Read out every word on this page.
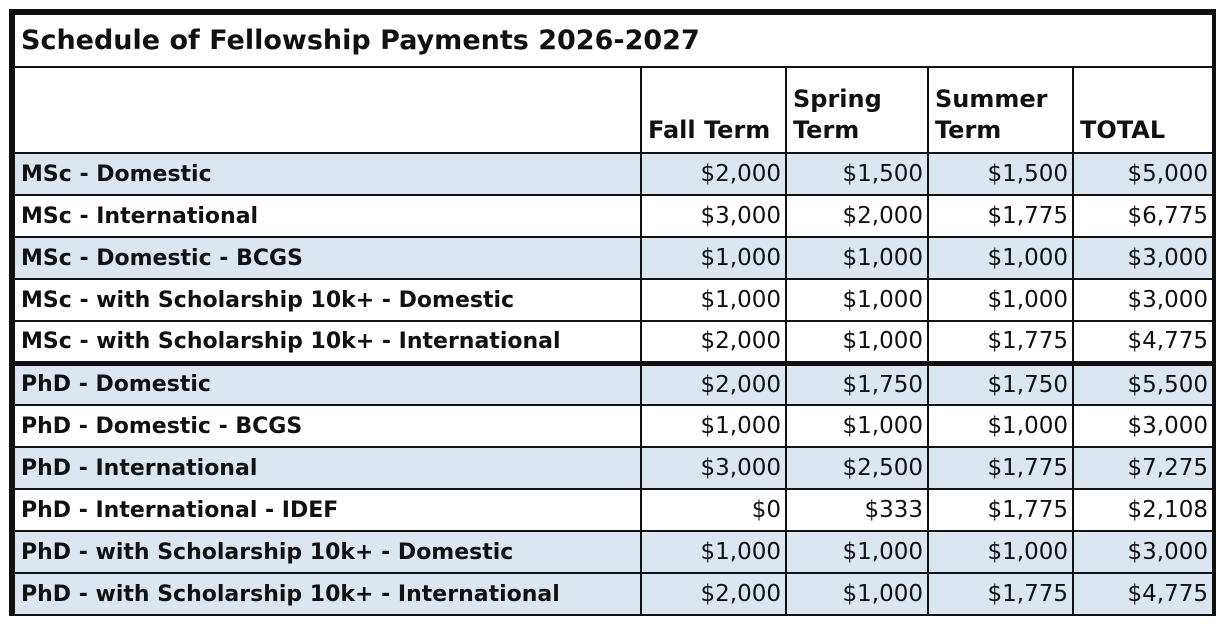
Schedule of Fellowship Payments 2026-2027				
	Fall Term	Spring Term	Summer Term	TOTAL
MSc - Domestic	$2,000	$1,500	$1,500	$5,000
MSc - International	$3,000	$2,000	$1,775	$6,775
MSc - Domestic - BCGS	$1,000	$1,000	$1,000	$3,000
MSc - with Scholarship 10k+ - Domestic	$1,000	$1,000	$1,000	$3,000
MSc - with Scholarship 10k+ - International	$2,000	$1,000	$1,775	$4,775
PhD - Domestic	$2,000	$1,750	$1,750	$5,500
PhD - Domestic - BCGS	$1,000	$1,000	$1,000	$3,000
PhD - International	$3,000	$2,500	$1,775	$7,275
PhD - International - IDEF	$0	$333	$1,775	$2,108
PhD - with Scholarship 10k+ - Domestic	$1,000	$1,000	$1,000	$3,000
PhD - with Scholarship 10k+ - International	$2,000	$1,000	$1,775	$4,775
